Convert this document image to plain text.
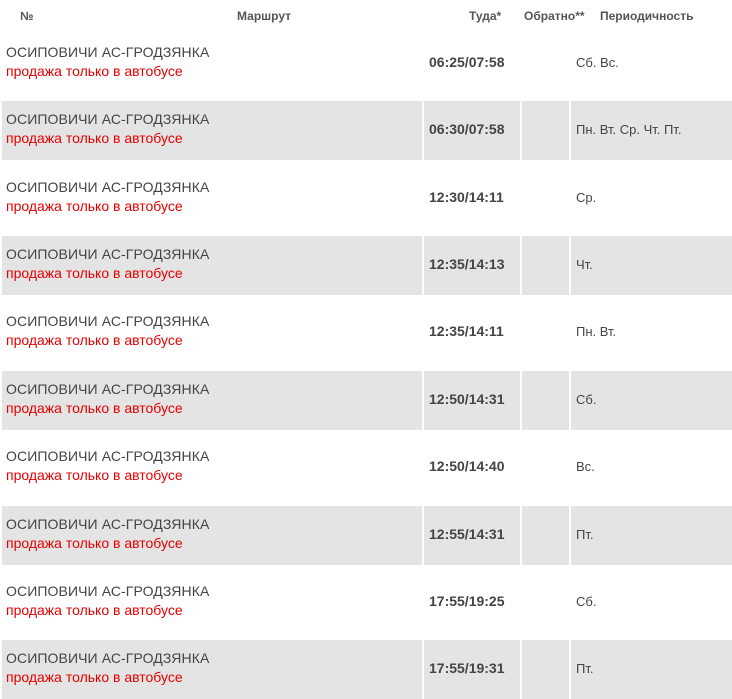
№	Маршрут	Туда* Обратно** Периодичность
ОСИПОВИЧИ АС-ГРОДЗЯНКА
продажа только в автобусе
06:25/07:58	Сб. Вс.
ОСИПОВИЧИ АС-ГРОДЗЯНКА
продажа только в автобусе
06:30/07:58	Пн. Вт. Ср. Чт. Пт.
ОСИПОВИЧИ АС-ГРОДЗЯНКА
продажа только в автобусе
12:30/14:11	Ср.
ОСИПОВИЧИ АС-ГРОДЗЯНКА
продажа только в автобусе
12:35/14:13	Чт.
ОСИПОВИЧИ АС-ГРОДЗЯНКА
продажа только в автобусе
12:35/14:11	Пн. Вт.
ОСИПОВИЧИ АС-ГРОДЗЯНКА
продажа только в автобусе
12:50/14:31	Сб.
ОСИПОВИЧИ АС-ГРОДЗЯНКА
продажа только в автобусе
12:50/14:40	Вс.
ОСИПОВИЧИ АС-ГРОДЗЯНКА
продажа только в автобусе
12:55/14:31	Пт.
ОСИПОВИЧИ АС-ГРОДЗЯНКА
продажа только в автобусе
17:55/19:25	Сб.
ОСИПОВИЧИ АС-ГРОДЗЯНКА
продажа только в автобусе
17:55/19:31	Пт.
